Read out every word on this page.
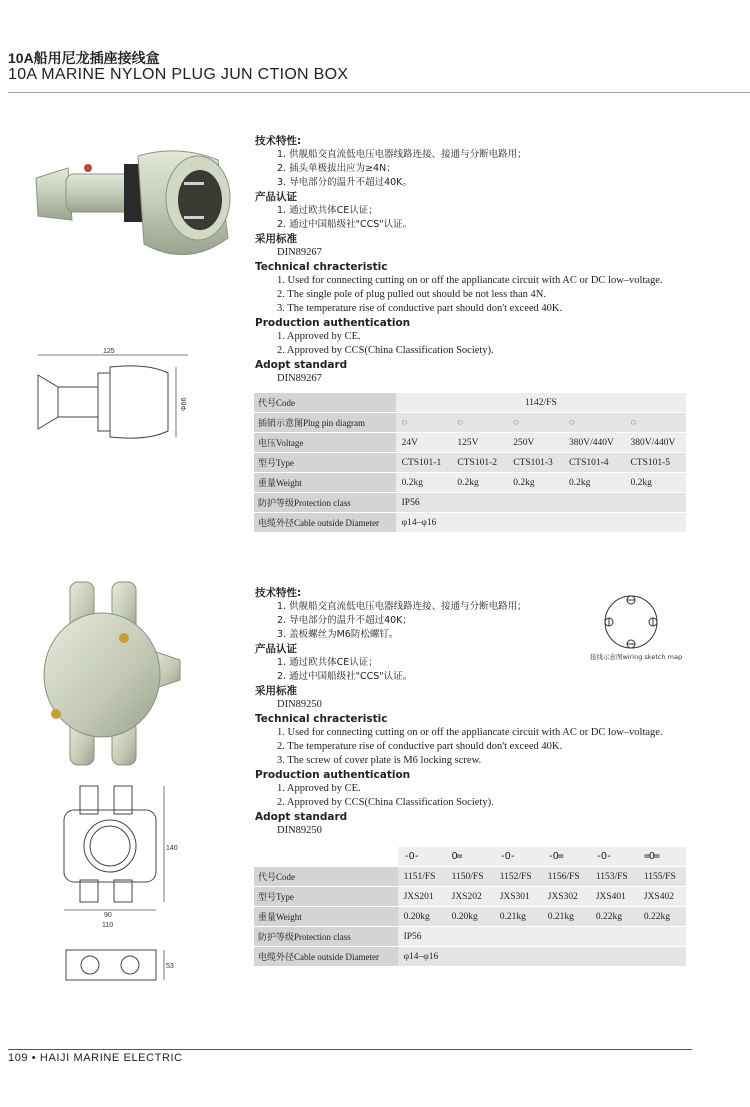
10A船用尼龙插座接线盒
10A MARINE NYLON PLUG JUN CTION BOX
技术特性:
1. 供舰船交直流低电压电器线路连接、接通与分断电路用；
2. 插头单极拔出应为≥4N；
3. 导电部分的温升不超过40K。
产品认证
1. 通过欧共体CE认证；
2. 通过中国船级社"CCS"认证。
采用标准
DIN89267
Technical chracteristic
1. Used for connecting cutting on or off the appliancate circuit with AC or DC low–voltage.
2. The single pole of plug pulled out should be not less than 4N.
3. The temperature rise of conductive part should don't exceed 40K.
Production authentication
1. Approved by CE.
2. Approved by CCS(China Classification Society).
Adopt standard
DIN89267
125
Φ66	代号Code	1142/FS				
插销示意图Plug pin diagram	◌	◌	◌	◌	◌
电压Voltage	24V	125V	250V	380V/440V	380V/440V
型号Type	CTS101-1	CTS101-2	CTS101-3	CTS101-4	CTS101-5
重量Weight	0.2kg	0.2kg	0.2kg	0.2kg	0.2kg
防护等级Protection class	IP56				
电缆外径Cable outside Diameter	φ14–φ16				
技术特性:
1. 供舰船交直流低电压电器线路连接、接通与分断电路用；
2. 导电部分的温升不超过40K；
3. 盖板螺丝为M6防松螺钉。
产品认证
1. 通过欧共体CE认证；
2. 通过中国船级社"CCS"认证。
采用标准
DIN89250
Technical chracteristic
1. Used for connecting cutting on or off the appliancate circuit with AC or DC low–voltage.
2. The temperature rise of conductive part should don't exceed 40K.
3. The screw of cover plate is M6 locking screw.
Production authentication
1. Approved by CE.
2. Approved by CCS(China Classification Society).
Adopt standard
DIN89250
接线示意图wiring sketch map
140
90
110
53
	-O-	O=	-O-	-O=	-O-	=O=
代号Code	1151/FS	1150/FS	1152/FS	1156/FS	1153/FS	1155/FS
型号Type	JXS201	JXS202	JXS301	JXS302	JXS401	JXS402
重量Weight	0.20kg	0.20kg	0.21kg	0.21kg	0.22kg	0.22kg
防护等级Protection class	IP56					
电缆外径Cable outside Diameter	φ14–φ16					
109 • HAIJI MARINE ELECTRIC
